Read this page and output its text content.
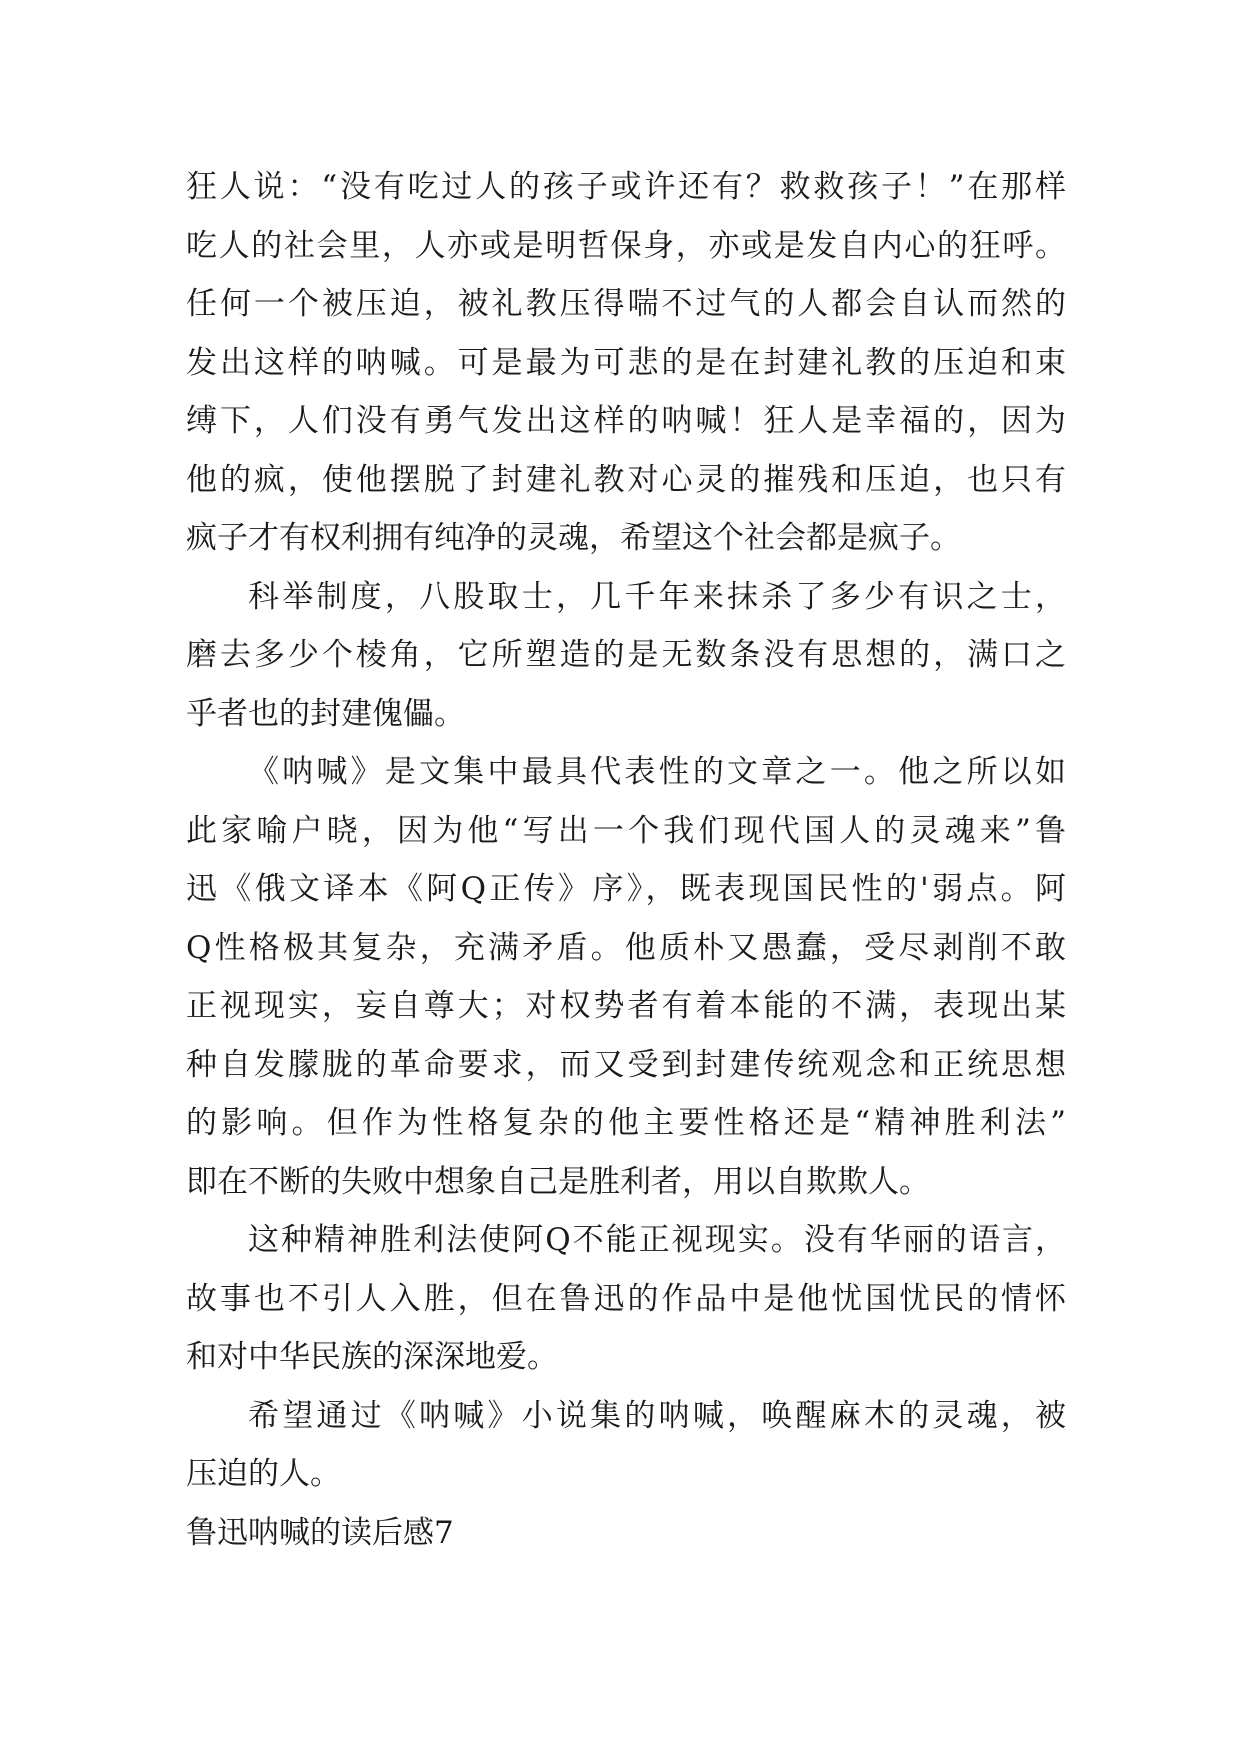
狂人说：“没有吃过人的孩子或许还有？救救孩子！”在那样
吃人的社会里，人亦或是明哲保身，亦或是发自内心的狂呼。
任何一个被压迫，被礼教压得喘不过气的人都会自认而然的
发出这样的呐喊。可是最为可悲的是在封建礼教的压迫和束
缚下，人们没有勇气发出这样的呐喊！狂人是幸福的，因为
他的疯，使他摆脱了封建礼教对心灵的摧残和压迫，也只有
疯子才有权利拥有纯净的灵魂，希望这个社会都是疯子。
科举制度，八股取士，几千年来抹杀了多少有识之士，
磨去多少个棱角，它所塑造的是无数条没有思想的，满口之
乎者也的封建傀儡。
《呐喊》是文集中最具代表性的文章之一。他之所以如
此家喻户晓，因为他“写出一个我们现代国人的灵魂来”鲁
迅《俄文译本《阿Q正传》序》，既表现国民性的'弱点。阿
Q性格极其复杂，充满矛盾。他质朴又愚蠢，受尽剥削不敢
正视现实，妄自尊大；对权势者有着本能的不满，表现出某
种自发朦胧的革命要求，而又受到封建传统观念和正统思想
的影响。但作为性格复杂的他主要性格还是“精神胜利法”
即在不断的失败中想象自己是胜利者，用以自欺欺人。
这种精神胜利法使阿Q不能正视现实。没有华丽的语言，
故事也不引人入胜，但在鲁迅的作品中是他忧国忧民的情怀
和对中华民族的深深地爱。
希望通过《呐喊》小说集的呐喊，唤醒麻木的灵魂，被
压迫的人。
鲁迅呐喊的读后感7
